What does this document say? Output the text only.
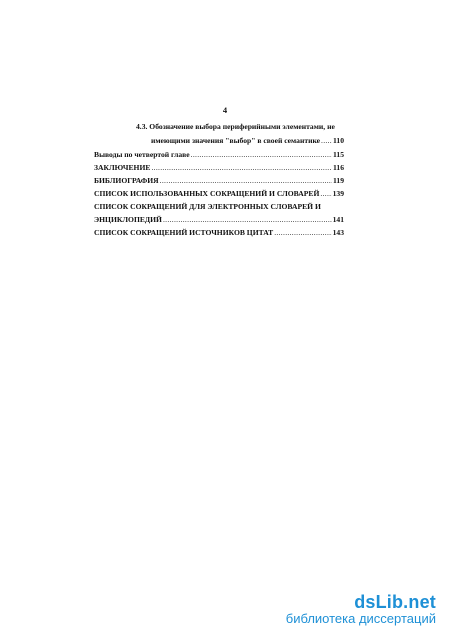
4
4.3. Обозначение выбора периферийными элементами, не
имеющими значения "выбор" в своей семантике ..... 110
Выводы по четвертой главе .....	115
ЗАКЛЮЧЕНИЕ .....	116
БИБЛИОГРАФИЯ .....	119
СПИСОК ИСПОЛЬЗОВАННЫХ СОКРАЩЕНИЙ И СЛОВАРЕЙ ..... 139
СПИСОК СОКРАЩЕНИЙ ДЛЯ ЭЛЕКТРОННЫХ СЛОВАРЕЙ И
ЭНЦИКЛОПЕДИЙ .....	141
СПИСОК СОКРАЩЕНИЙ ИСТОЧНИКОВ ЦИТАТ .....	143
dsLib.net
библиотека диссертаций
